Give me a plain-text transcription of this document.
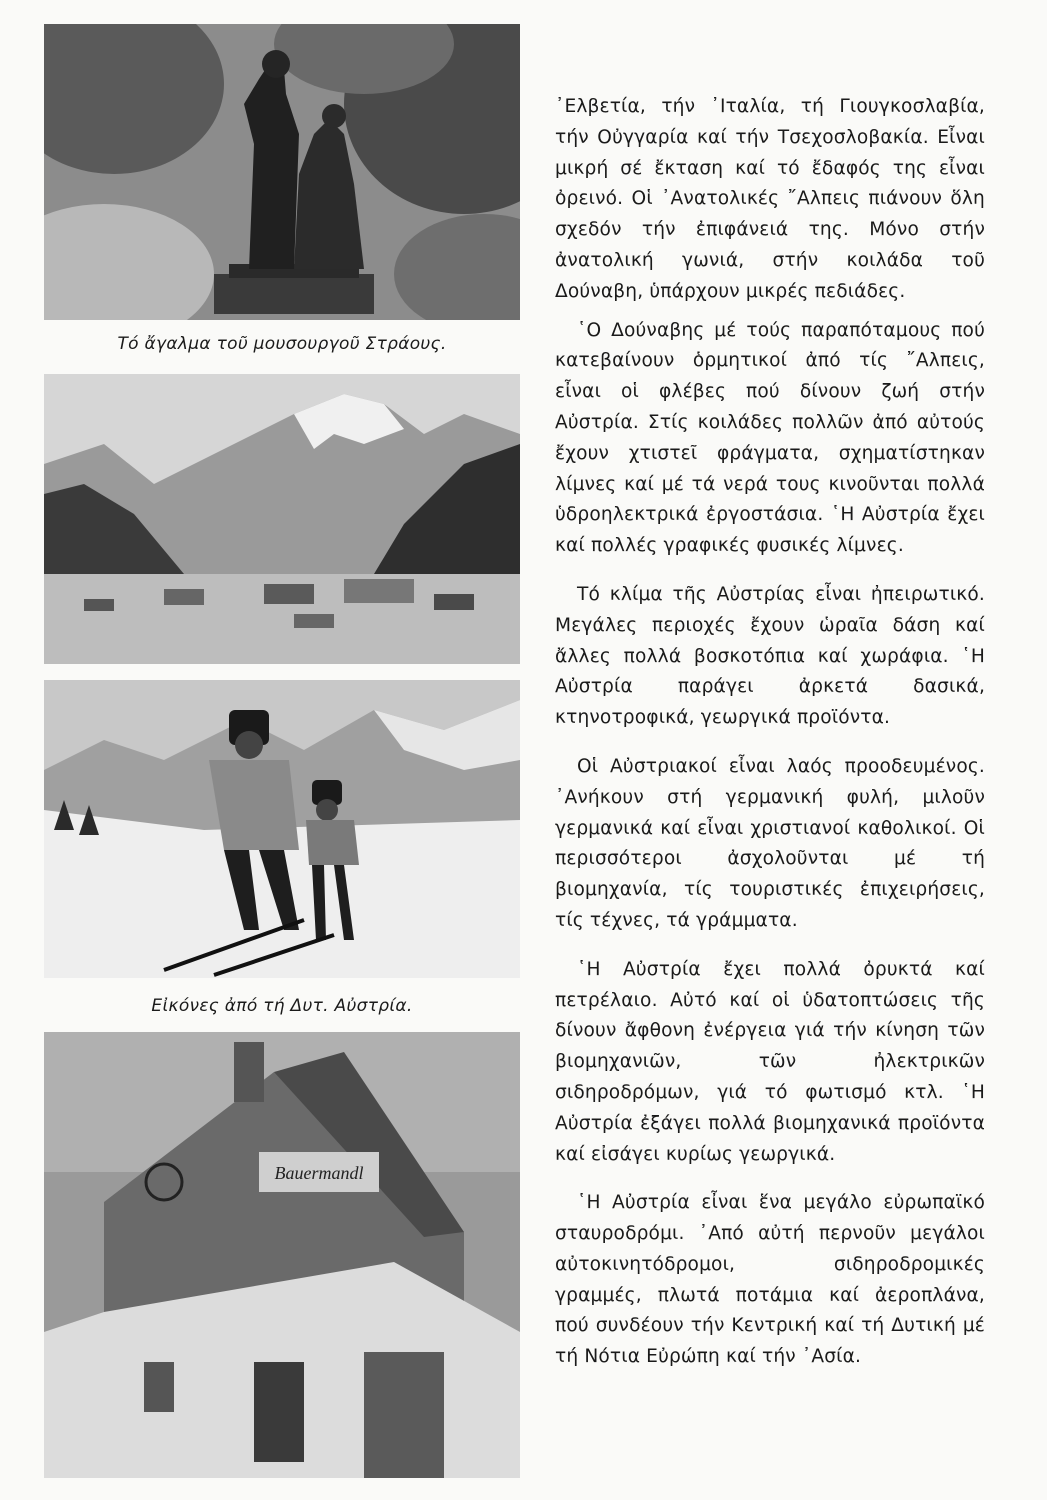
Τό ἄγαλμα τοῦ μουσουργοῦ Στράους.
Εἰκόνες ἀπό τή Δυτ. Αὐστρία.
Bauermandl

᾿Ελβετία, τήν ᾿Ιταλία, τή Γιουγκοσλαβία, τήν Οὐγγαρία καί τήν Τσεχοσλοβακία. Εἶναι μικρή σέ ἔκταση καί τό ἔδαφός της εἶναι ὀρεινό. Οἱ ᾿Ανατολικές ῎Αλπεις πιάνουν ὅλη σχεδόν τήν ἐπιφάνειά της. Μόνο στήν ἀνατολική γωνιά, στήν κοιλάδα τοῦ Δούναβη, ὑπάρχουν μικρές πεδιάδες.

῾Ο Δούναβης μέ τούς παραπόταμους πού κατεβαίνουν ὁρμητικοί ἀπό τίς ῎Αλπεις, εἶναι οἱ φλέβες πού δίνουν ζωή στήν Αὐστρία. Στίς κοιλάδες πολλῶν ἀπό αὐτούς ἔχουν χτιστεῖ φράγματα, σχηματίστηκαν λίμνες καί μέ τά νερά τους κινοῦνται πολλά ὑδροηλεκτρικά ἐργοστάσια. ῾Η Αὐστρία ἔχει καί πολλές γραφικές φυσικές λίμνες.

Τό κλίμα τῆς Αὐστρίας εἶναι ἠπειρωτικό. Μεγάλες περιοχές ἔχουν ὡραῖα δάση καί ἄλλες πολλά βοσκοτόπια καί χωράφια. ῾Η Αὐστρία παράγει ἀρκετά δασικά, κτηνοτροφικά, γεωργικά προϊόντα.

Οἱ Αὐστριακοί εἶναι λαός προοδευμένος. ᾿Ανήκουν στή γερμανική φυλή, μιλοῦν γερμανικά καί εἶναι χριστιανοί καθολικοί. Οἱ περισσότεροι ἀσχολοῦνται μέ τή βιομηχανία, τίς τουριστικές ἐπιχειρήσεις, τίς τέχνες, τά γράμματα.

῾Η Αὐστρία ἔχει πολλά ὀρυκτά καί πετρέλαιο. Αὐτό καί οἱ ὑδατοπτώσεις τῆς δίνουν ἄφθονη ἐνέργεια γιά τήν κίνηση τῶν βιομηχανιῶν, τῶν ἠλεκτρικῶν σιδηροδρόμων, γιά τό φωτισμό κτλ. ῾Η Αὐστρία ἐξάγει πολλά βιομηχανικά προϊόντα καί εἰσάγει κυρίως γεωργικά.

῾Η Αὐστρία εἶναι ἕνα μεγάλο εὐρωπαϊκό σταυροδρόμι. ᾿Από αὐτή περνοῦν μεγάλοι αὐτοκινητόδρομοι, σιδηροδρομικές γραμμές, πλωτά ποτάμια καί ἀεροπλάνα, πού συνδέουν τήν Κεντρική καί τή Δυτική μέ τή Νότια Εὐρώπη καί τήν ᾿Ασία.
